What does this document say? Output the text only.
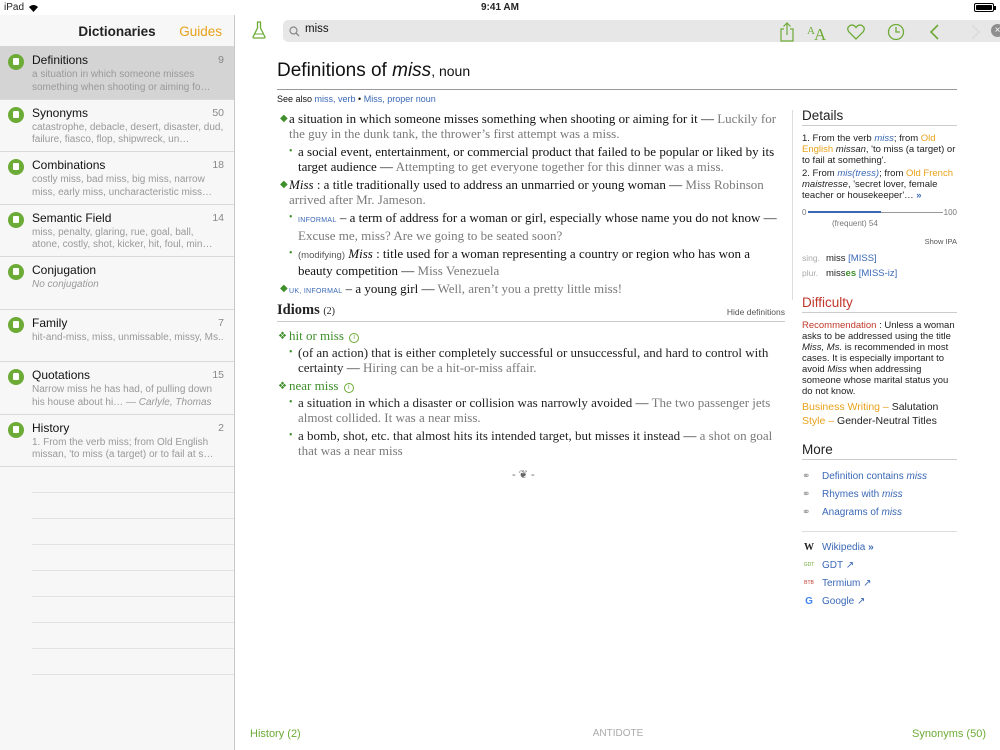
iPad	9:41 AM
Dictionaries	Guides
Definitions	9
a situation in which someone misses something when shooting or aiming fo…
Synonyms	50
catastrophe, debacle, desert, disaster, dud, failure, fiasco, flop, shipwreck, un…
Combinations	18
costly miss, bad miss, big miss, narrow miss, early miss, uncharacteristic miss…
Semantic Field	14
miss, penalty, glaring, rue, goal, ball, atone, costly, shot, kicker, hit, foul, min…
Conjugation
No conjugation
Family	7
hit-and-miss, miss, unmissable, missy, Ms..
Quotations	15
Narrow miss he has had, of pulling down his house about hi… — Carlyle, Thomas
History	2
1. From the verb miss; from Old English missan, 'to miss (a target) or to fail at s…
miss
×
A A
Definitions of miss, noun
See also miss, verb • Miss, proper noun
◆ a situation in which someone misses something when shooting or aiming for it — Luckily for the guy in the dunk tank, the thrower’s first attempt was a miss.
• a social event, entertainment, or commercial product that failed to be popular or liked by its target audience — Attempting to get everyone together for this dinner was a miss.
◆ Miss : a title traditionally used to address an unmarried or young woman — Miss Robinson arrived after Mr. Jameson.
• INFORMAL – a term of address for a woman or girl, especially whose name you do not know — Excuse me, miss? Are we going to be seated soon?
• (modifying) Miss : title used for a woman representing a country or region who has won a beauty competition — Miss Venezuela
◆ UK, INFORMAL – a young girl — Well, aren’t you a pretty little miss!
Idioms (2)	Hide definitions
❖ hit or miss i
• (of an action) that is either completely successful or unsuccessful, and hard to control with certainty — Hiring can be a hit-or-miss affair.
❖ near miss i
• a situation in which a disaster or collision was narrowly avoided — The two passenger jets almost collided. It was a near miss.
• a bomb, shot, etc. that almost hits its intended target, but misses it instead — a shot on goal that was a near miss
- ❦ -
Details
1. From the verb miss; from Old English missan, 'to miss (a target) or to fail at something'.
2. From mis(tress); from Old French maistresse, 'secret lover, female teacher or housekeeper'… »
0	100
(frequent) 54
Show IPA
sing. miss [MISS]
plur. misses [MISS-iz]
Difficulty
Recommendation : Unless a woman asks to be addressed using the title Miss, Ms. is recommended in most cases. It is especially important to avoid Miss when addressing someone whose marital status you do not know.
Business Writing – Salutation
Style – Gender-Neutral Titles
More
⚭	Definition contains miss
⚭	Rhymes with miss
⚭	Anagrams of miss
W Wikipedia »
GDT GDT ↗
BTB Termium ↗
G Google ↗
History (2)	ANTIDOTE	Synonyms (50)
